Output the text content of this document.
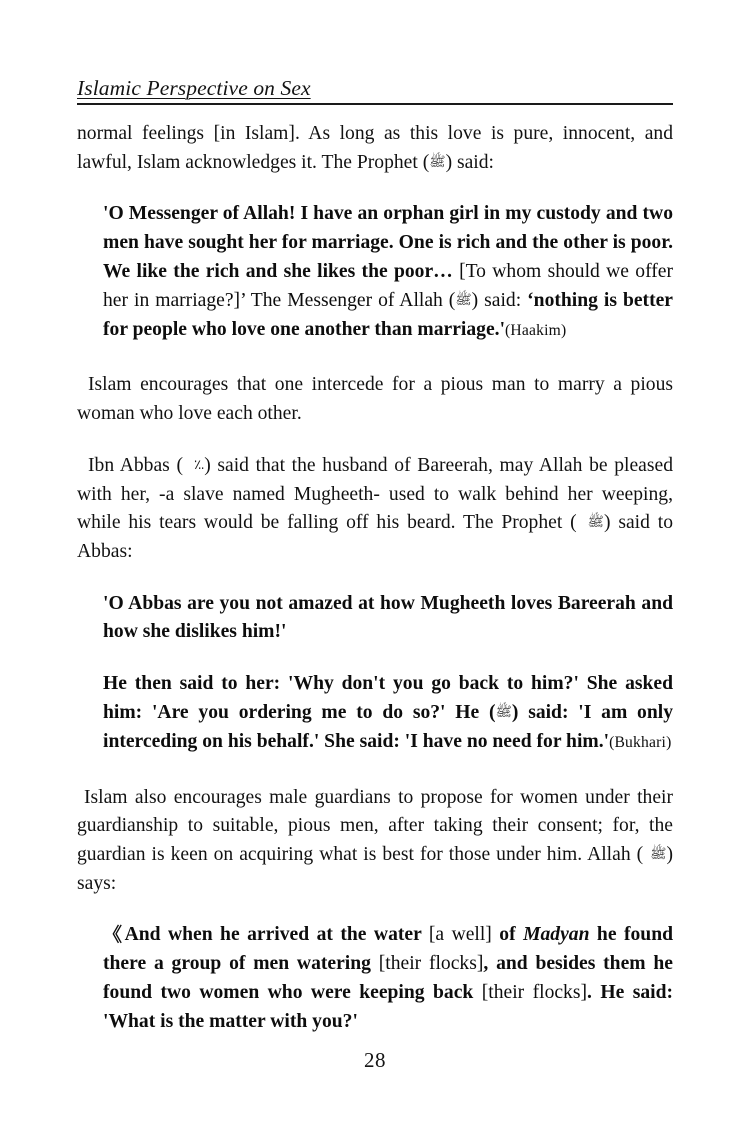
Islamic Perspective on Sex

normal feelings [in Islam]. As long as this love is pure, innocent, and lawful, Islam acknowledges it. The Prophet (ﷺ) said:

'O Messenger of Allah! I have an orphan girl in my custody and two men have sought her for marriage. One is rich and the other is poor. We like the rich and she likes the poor… [To whom should we offer her in marriage?]’ The Messenger of Allah (ﷺ) said: ‘nothing is better for people who love one another than marriage.'(Haakim)

Islam encourages that one intercede for a pious man to marry a pious woman who love each other.

Ibn Abbas ( ؉) said that the husband of Bareerah, may Allah be pleased with her, -a slave named Mugheeth- used to walk behind her weeping, while his tears would be falling off his beard. The Prophet ( ﷺ) said to Abbas:

'O Abbas are you not amazed at how Mugheeth loves Bareerah and how she dislikes him!'

He then said to her: 'Why don't you go back to him?' She asked him: 'Are you ordering me to do so?' He (ﷺ) said: 'I am only interceding on his behalf.' She said: 'I have no need for him.'(Bukhari)

Islam also encourages male guardians to propose for women under their guardianship to suitable, pious men, after taking their consent; for, the guardian is keen on acquiring what is best for those under him. Allah ( ﷺ) says:

《And when he arrived at the water [a well] of Madyan he found there a group of men watering [their flocks], and besides them he found two women who were keeping back [their flocks]. He said: 'What is the matter with you?'

28
